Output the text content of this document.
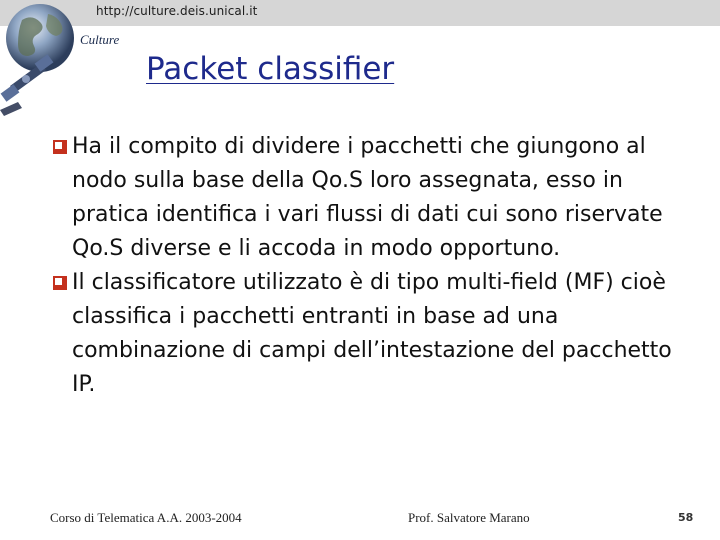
http://culture.deis.unical.it
Culture
Packet classifier
Ha il compito di dividere i pacchetti che giungono al nodo sulla base della Qo.S loro assegnata, esso in pratica identifica i vari flussi di dati cui sono riservate Qo.S diverse e li accoda in modo opportuno.
Il classificatore utilizzato è di tipo multi-field (MF) cioè classifica i pacchetti entranti in base ad una combinazione di campi dell’intestazione del pacchetto IP.
Corso di Telematica A.A. 2003-2004	Prof. Salvatore Marano	58
